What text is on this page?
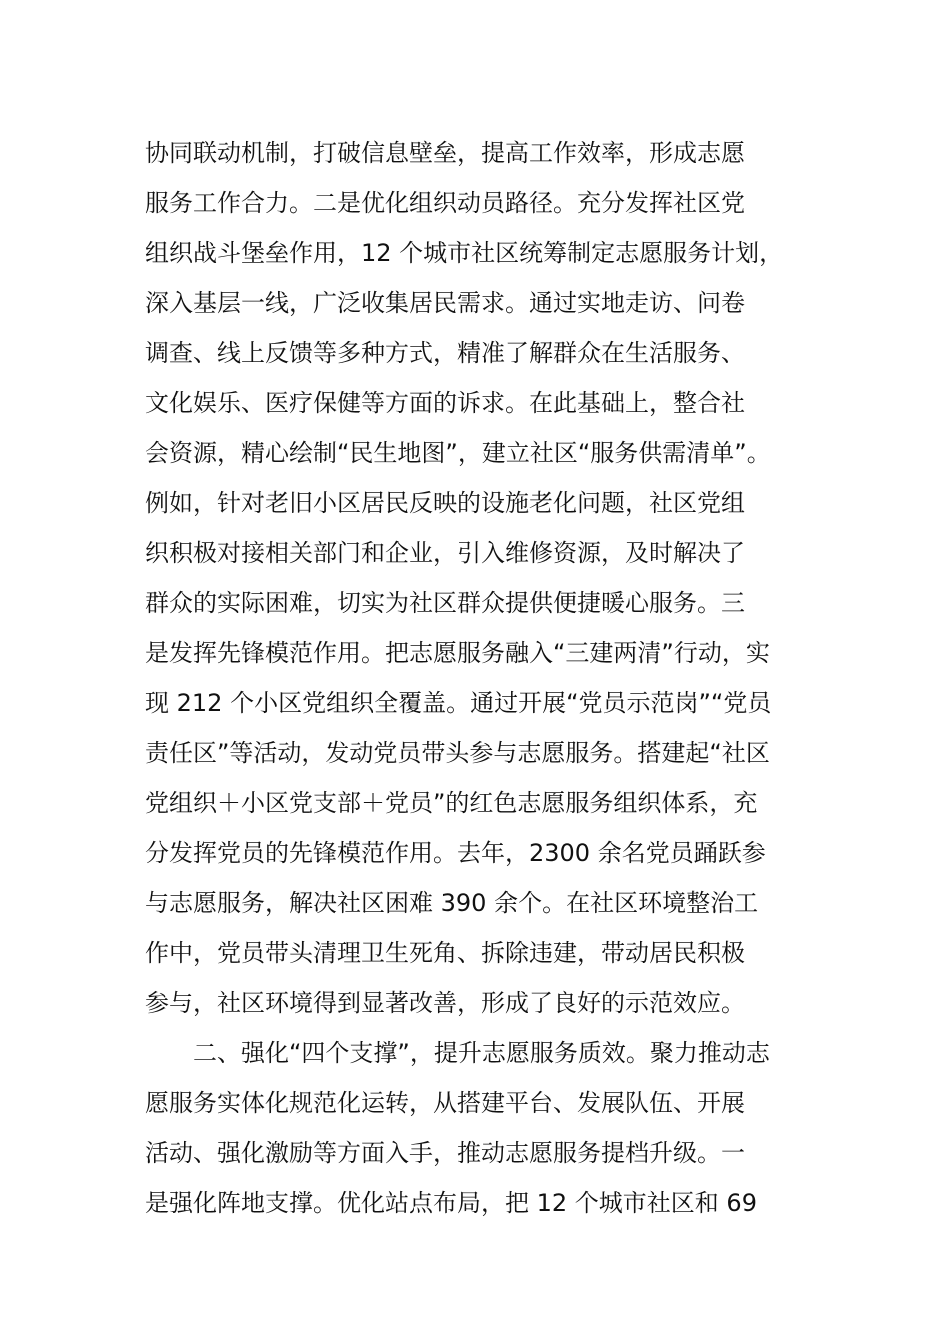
协同联动机制，打破信息壁垒，提高工作效率，形成志愿
服务工作合力。二是优化组织动员路径。充分发挥社区党
组织战斗堡垒作用，12 个城市社区统筹制定志愿服务计划，
深入基层一线，广泛收集居民需求。通过实地走访、问卷
调查、线上反馈等多种方式，精准了解群众在生活服务、
文化娱乐、医疗保健等方面的诉求。在此基础上，整合社
会资源，精心绘制“民生地图”，建立社区“服务供需清单”。
例如，针对老旧小区居民反映的设施老化问题，社区党组
织积极对接相关部门和企业，引入维修资源，及时解决了
群众的实际困难，切实为社区群众提供便捷暖心服务。三
是发挥先锋模范作用。把志愿服务融入“三建两清”行动，实
现 212 个小区党组织全覆盖。通过开展“党员示范岗”“党员
责任区”等活动，发动党员带头参与志愿服务。搭建起“社区
党组织＋小区党支部＋党员”的红色志愿服务组织体系，充
分发挥党员的先锋模范作用。去年，2300 余名党员踊跃参
与志愿服务，解决社区困难 390 余个。在社区环境整治工
作中，党员带头清理卫生死角、拆除违建，带动居民积极
参与，社区环境得到显著改善，形成了良好的示范效应。
二、强化“四个支撑”，提升志愿服务质效。聚力推动志
愿服务实体化规范化运转，从搭建平台、发展队伍、开展
活动、强化激励等方面入手，推动志愿服务提档升级。一
是强化阵地支撑。优化站点布局，把 12 个城市社区和 69
